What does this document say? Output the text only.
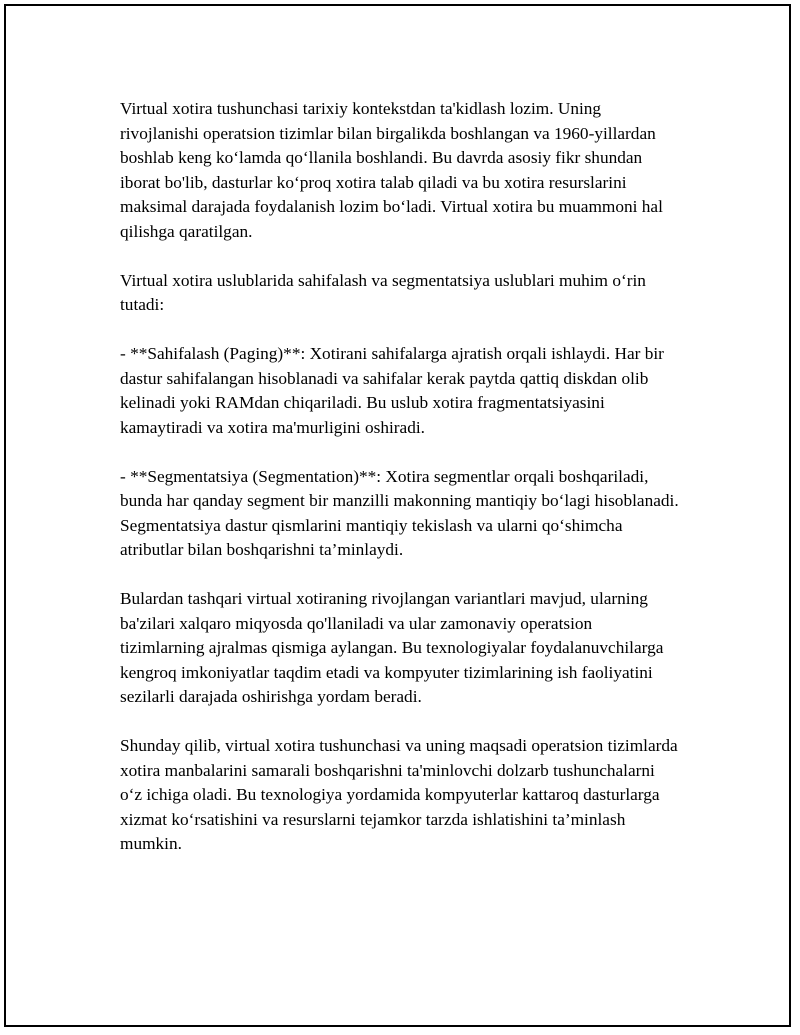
Virtual xotira tushunchasi tarixiy kontekstdan ta'kidlash lozim. Uning rivojlanishi operatsion tizimlar bilan birgalikda boshlangan va 1960-yillardan boshlab keng ko‘lamda qo‘llanila boshlandi. Bu davrda asosiy fikr shundan iborat bo'lib, dasturlar ko‘proq xotira talab qiladi va bu xotira resurslarini maksimal darajada foydalanish lozim bo‘ladi. Virtual xotira bu muammoni hal qilishga qaratilgan.

Virtual xotira uslublarida sahifalash va segmentatsiya uslublari muhim o‘rin tutadi:

- **Sahifalash (Paging)**: Xotirani sahifalarga ajratish orqali ishlaydi. Har bir dastur sahifalangan hisoblanadi va sahifalar kerak paytda qattiq diskdan olib kelinadi yoki RAMdan chiqariladi. Bu uslub xotira fragmentatsiyasini kamaytiradi va xotira ma'murligini oshiradi.

- **Segmentatsiya (Segmentation)**: Xotira segmentlar orqali boshqariladi, bunda har qanday segment bir manzilli makonning mantiqiy bo‘lagi hisoblanadi. Segmentatsiya dastur qismlarini mantiqiy tekislash va ularni qo‘shimcha atributlar bilan boshqarishni ta’minlaydi.

Bulardan tashqari virtual xotiraning rivojlangan variantlari mavjud, ularning ba'zilari xalqaro miqyosda qo'llaniladi va ular zamonaviy operatsion tizimlarning ajralmas qismiga aylangan. Bu texnologiyalar foydalanuvchilarga kengroq imkoniyatlar taqdim etadi va kompyuter tizimlarining ish faoliyatini sezilarli darajada oshirishga yordam beradi.

Shunday qilib, virtual xotira tushunchasi va uning maqsadi operatsion tizimlarda xotira manbalarini samarali boshqarishni ta'minlovchi dolzarb tushunchalarni o‘z ichiga oladi. Bu texnologiya yordamida kompyuterlar kattaroq dasturlarga xizmat ko‘rsatishini va resurslarni tejamkor tarzda ishlatishini ta’minlash mumkin.
